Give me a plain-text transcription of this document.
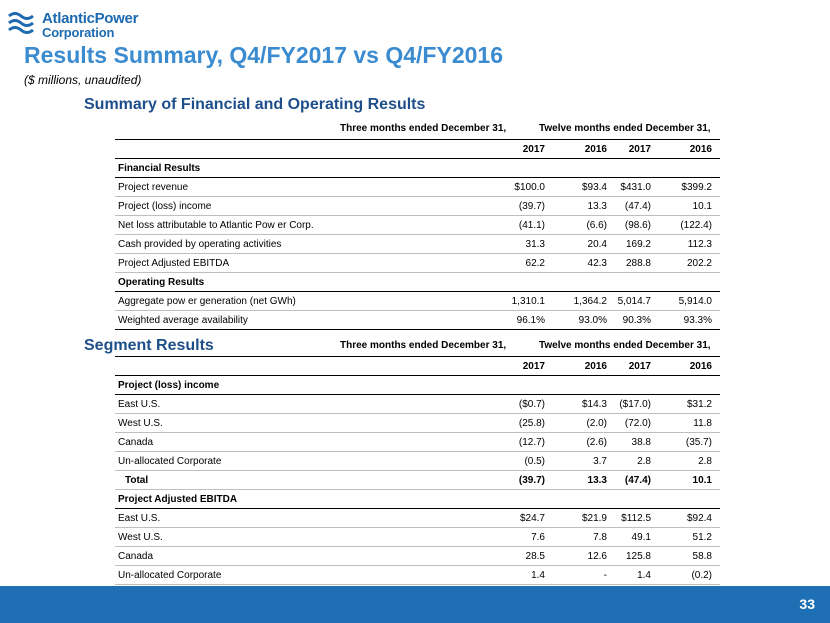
AtlanticPower
Corporation
Results Summary, Q4/FY2017 vs Q4/FY2016
($ millions, unaudited)
Summary of Financial and Operating Results
Three months ended December 31,	Twelve months ended December 31,
2017	2016 2017	2016
Financial Results
Project revenue	$100.0	$93.4 $431.0	$399.2
Project (loss) income	(39.7)	13.3 (47.4)	10.1
Net loss attributable to Atlantic Pow er Corp.	(41.1)	(6.6) (98.6)	(122.4)
Cash provided by operating activities	31.3	20.4 169.2	112.3
Project Adjusted EBITDA	62.2	42.3 288.8	202.2
Operating Results
Aggregate pow er generation (net GWh)	1,310.1	1,364.2 5,014.7	5,914.0
Weighted average availability	96.1%	93.0% 90.3%	93.3%
Segment Results	Three months ended December 31,	Twelve months ended December 31,
2017	2016 2017	2016
Project (loss) income
East U.S.	($0.7)	$14.3 ($17.0)	$31.2
West U.S.	(25.8)	(2.0) (72.0)	11.8
Canada	(12.7)	(2.6) 38.8	(35.7)
Un-allocated Corporate	(0.5)	3.7	2.8	2.8
Total	(39.7)	13.3 (47.4)	10.1
Project Adjusted EBITDA
East U.S.	$24.7	$21.9 $112.5	$92.4
West U.S.	7.6	7.8 49.1	51.2
Canada	28.5	12.6 125.8	58.8
Un-allocated Corporate	1.4	-	1.4	(0.2)
33
